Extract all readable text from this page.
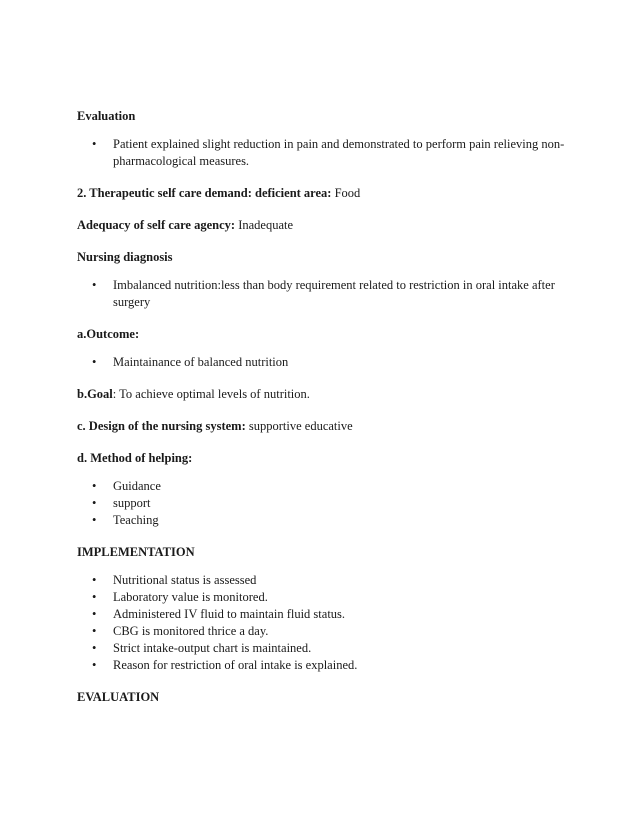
Evaluation

• Patient explained slight reduction in pain and demonstrated to perform pain relieving non-pharmacological measures.

2. Therapeutic self care demand: deficient area: Food

Adequacy of self care agency: Inadequate

Nursing diagnosis

• Imbalanced nutrition:less than body requirement related to restriction in oral intake after surgery

a.Outcome:

• Maintainance of balanced nutrition

b.Goal: To achieve optimal levels of nutrition.

c. Design of the nursing system: supportive educative

d. Method of helping:

• Guidance
• support
• Teaching

IMPLEMENTATION

• Nutritional status is assessed
• Laboratory value is monitored.
• Administered IV fluid to maintain fluid status.
• CBG is monitored thrice a day.
• Strict intake-output chart is maintained.
• Reason for restriction of oral intake is explained.

EVALUATION
